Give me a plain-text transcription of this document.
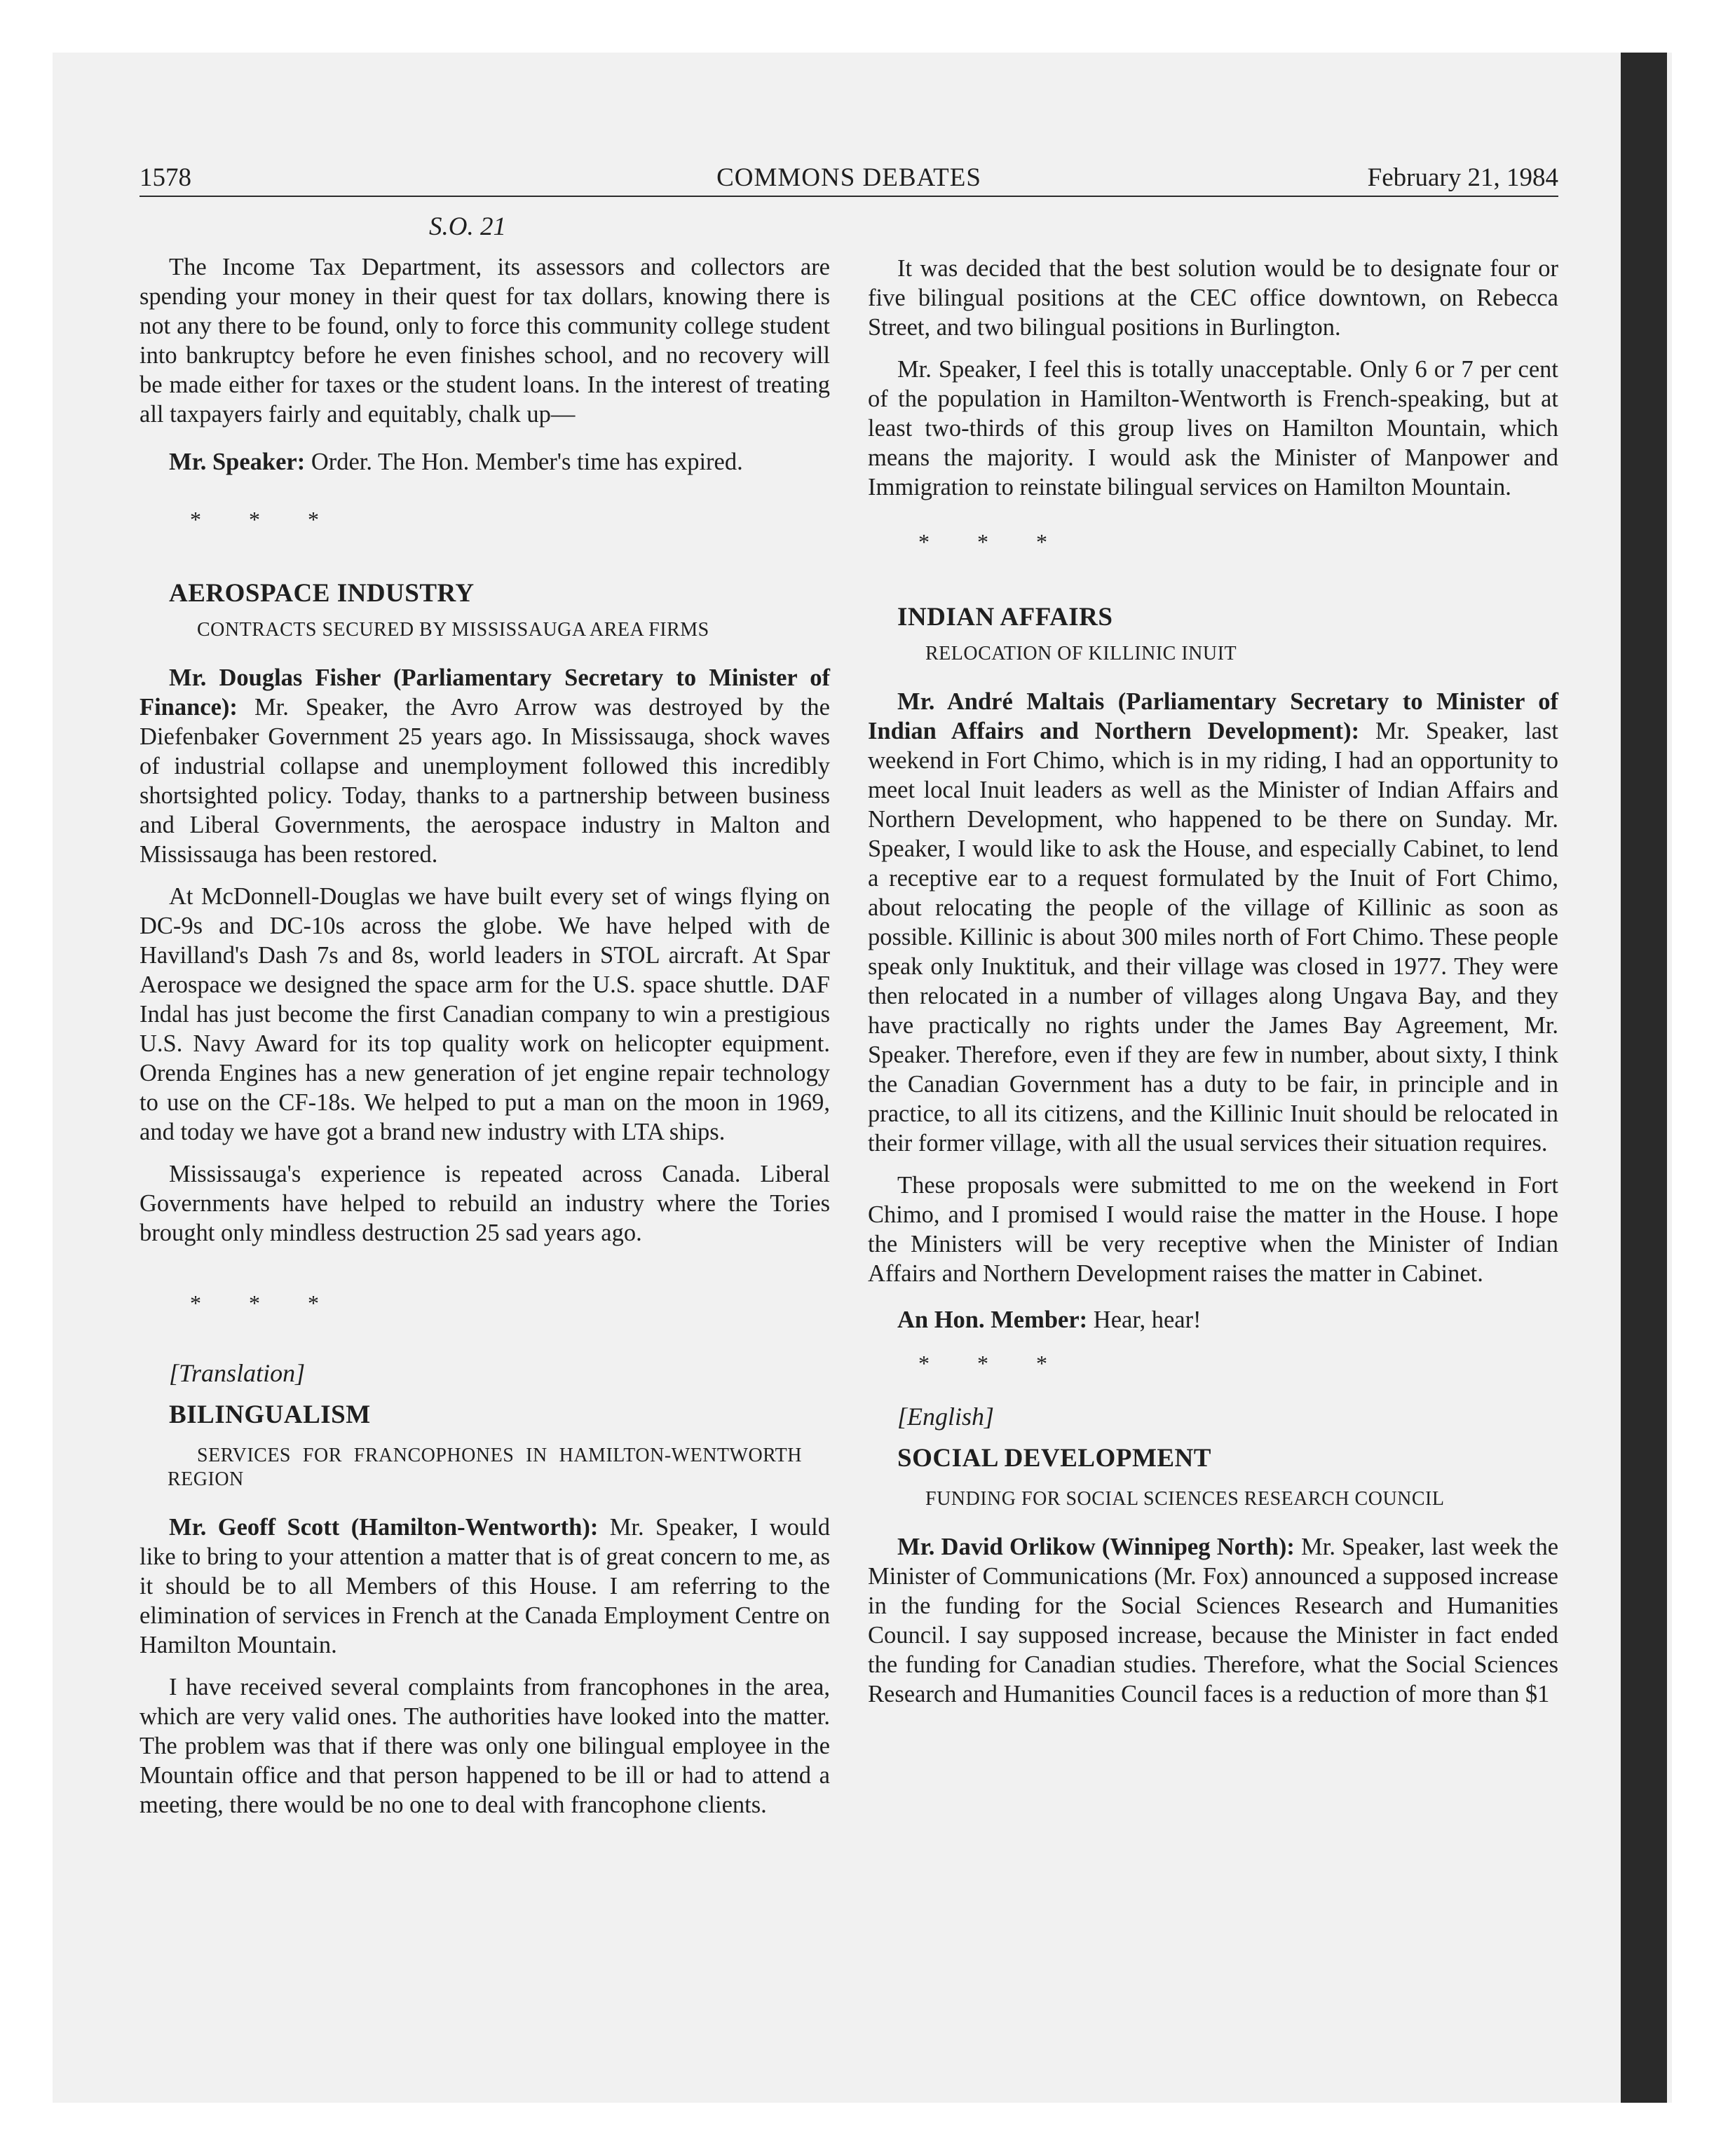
1578	COMMONS DEBATES	February 21, 1984
S.O. 21

The Income Tax Department, its assessors and collectors are spending your money in their quest for tax dollars, knowing there is not any there to be found, only to force this community college student into bankruptcy before he even finishes school, and no recovery will be made either for taxes or the student loans. In the interest of treating all taxpayers fairly and equitably, chalk up—

Mr. Speaker: Order. The Hon. Member's time has expired.

* * *

AEROSPACE INDUSTRY

CONTRACTS SECURED BY MISSISSAUGA AREA FIRMS

Mr. Douglas Fisher (Parliamentary Secretary to Minister of Finance): Mr. Speaker, the Avro Arrow was destroyed by the Diefenbaker Government 25 years ago. In Mississauga, shock waves of industrial collapse and unemployment followed this incredibly shortsighted policy. Today, thanks to a partnership between business and Liberal Governments, the aerospace industry in Malton and Mississauga has been restored.

At McDonnell-Douglas we have built every set of wings flying on DC-9s and DC-10s across the globe. We have helped with de Havilland's Dash 7s and 8s, world leaders in STOL aircraft. At Spar Aerospace we designed the space arm for the U.S. space shuttle. DAF Indal has just become the first Canadian company to win a prestigious U.S. Navy Award for its top quality work on helicopter equipment. Orenda Engines has a new generation of jet engine repair technology to use on the CF-18s. We helped to put a man on the moon in 1969, and today we have got a brand new industry with LTA ships.

Mississauga's experience is repeated across Canada. Liberal Governments have helped to rebuild an industry where the Tories brought only mindless destruction 25 sad years ago.

* * *

[Translation]

BILINGUALISM

SERVICES FOR FRANCOPHONES IN HAMILTON-WENTWORTH REGION

Mr. Geoff Scott (Hamilton-Wentworth): Mr. Speaker, I would like to bring to your attention a matter that is of great concern to me, as it should be to all Members of this House. I am referring to the elimination of services in French at the Canada Employment Centre on Hamilton Mountain.

I have received several complaints from francophones in the area, which are very valid ones. The authorities have looked into the matter. The problem was that if there was only one bilingual employee in the Mountain office and that person happened to be ill or had to attend a meeting, there would be no one to deal with francophone clients.

It was decided that the best solution would be to designate four or five bilingual positions at the CEC office downtown, on Rebecca Street, and two bilingual positions in Burlington.

Mr. Speaker, I feel this is totally unacceptable. Only 6 or 7 per cent of the population in Hamilton-Wentworth is French-speaking, but at least two-thirds of this group lives on Hamilton Mountain, which means the majority. I would ask the Minister of Manpower and Immigration to reinstate bilingual services on Hamilton Mountain.

* * *

INDIAN AFFAIRS

RELOCATION OF KILLINIC INUIT

Mr. André Maltais (Parliamentary Secretary to Minister of Indian Affairs and Northern Development): Mr. Speaker, last weekend in Fort Chimo, which is in my riding, I had an opportunity to meet local Inuit leaders as well as the Minister of Indian Affairs and Northern Development, who happened to be there on Sunday. Mr. Speaker, I would like to ask the House, and especially Cabinet, to lend a receptive ear to a request formulated by the Inuit of Fort Chimo, about relocating the people of the village of Killinic as soon as possible. Killinic is about 300 miles north of Fort Chimo. These people speak only Inuktituk, and their village was closed in 1977. They were then relocated in a number of villages along Ungava Bay, and they have practically no rights under the James Bay Agreement, Mr. Speaker. Therefore, even if they are few in number, about sixty, I think the Canadian Government has a duty to be fair, in principle and in practice, to all its citizens, and the Killinic Inuit should be relocated in their former village, with all the usual services their situation requires.

These proposals were submitted to me on the weekend in Fort Chimo, and I promised I would raise the matter in the House. I hope the Ministers will be very receptive when the Minister of Indian Affairs and Northern Development raises the matter in Cabinet.

An Hon. Member: Hear, hear!

* * *

[English]

SOCIAL DEVELOPMENT

FUNDING FOR SOCIAL SCIENCES RESEARCH COUNCIL

Mr. David Orlikow (Winnipeg North): Mr. Speaker, last week the Minister of Communications (Mr. Fox) announced a supposed increase in the funding for the Social Sciences Research and Humanities Council. I say supposed increase, because the Minister in fact ended the funding for Canadian studies. Therefore, what the Social Sciences Research and Humanities Council faces is a reduction of more than $1
